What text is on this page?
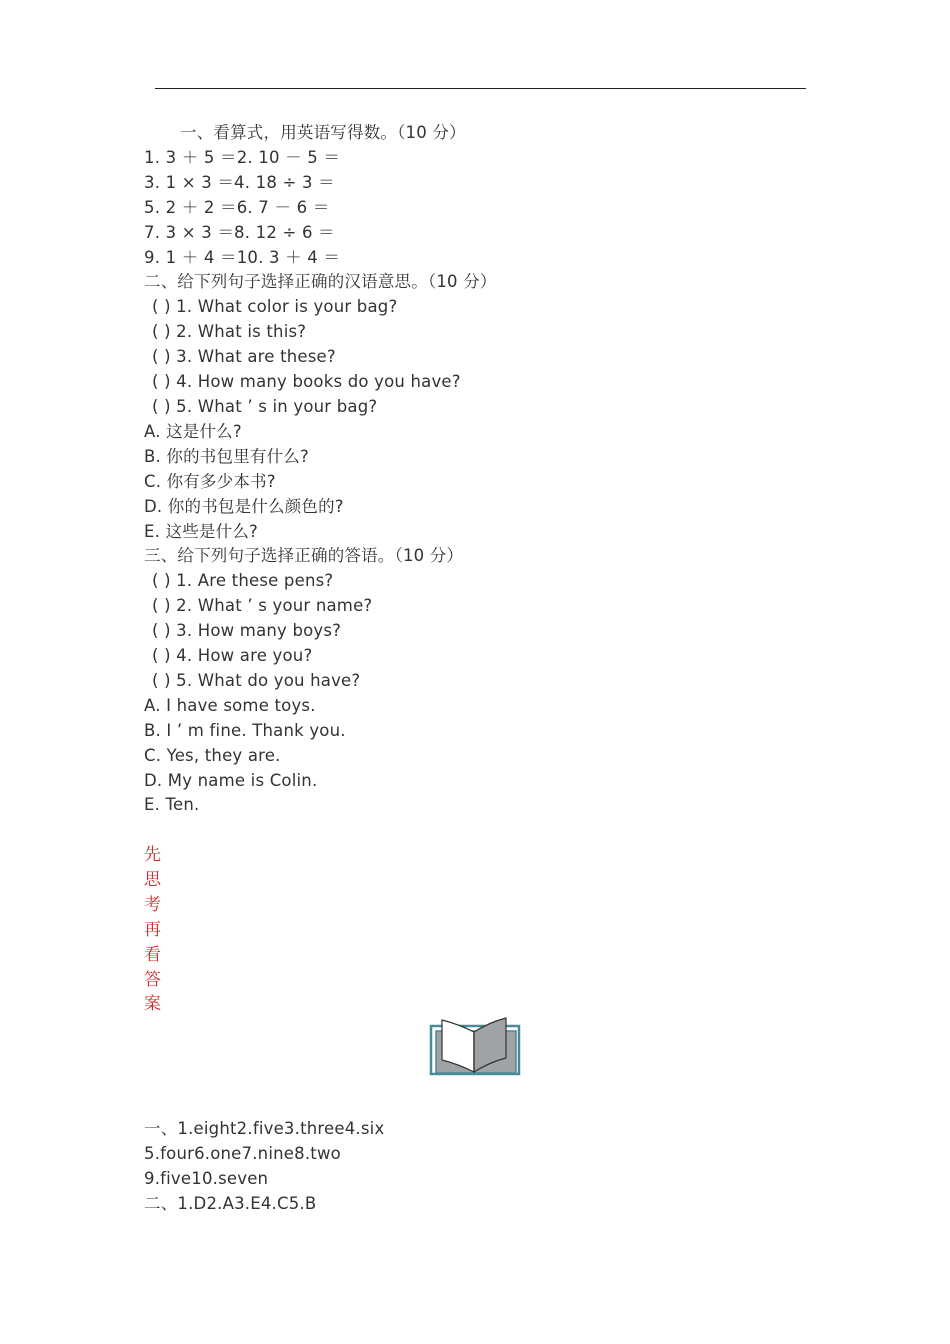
一、看算式，用英语写得数。（10 分）
1. 3 ＋ 5 ＝2. 10 － 5 ＝
3. 1 × 3 ＝4. 18 ÷ 3 ＝
5. 2 ＋ 2 ＝6. 7 － 6 ＝
7. 3 × 3 ＝8. 12 ÷ 6 ＝
9. 1 ＋ 4 ＝10. 3 ＋ 4 ＝
二、给下列句子选择正确的汉语意思。（10 分）
( ) 1. What color is your bag?
( ) 2. What is this?
( ) 3. What are these?
( ) 4. How many books do you have?
( ) 5. What ’ s in your bag?
A. 这是什么?
B. 你的书包里有什么?
C. 你有多少本书?
D. 你的书包是什么颜色的?
E. 这些是什么?
三、给下列句子选择正确的答语。（10 分）
( ) 1. Are these pens?
( ) 2. What ’ s your name?
( ) 3. How many boys?
( ) 4. How are you?
( ) 5. What do you have?
A. I have some toys.
B. I ’ m fine. Thank you.
C. Yes, they are.
D. My name is Colin.
E. Ten.
先
思
考
再
看
答
案
一、1.eight2.five3.three4.six
5.four6.one7.nine8.two
9.five10.seven
二、1.D2.A3.E4.C5.B
